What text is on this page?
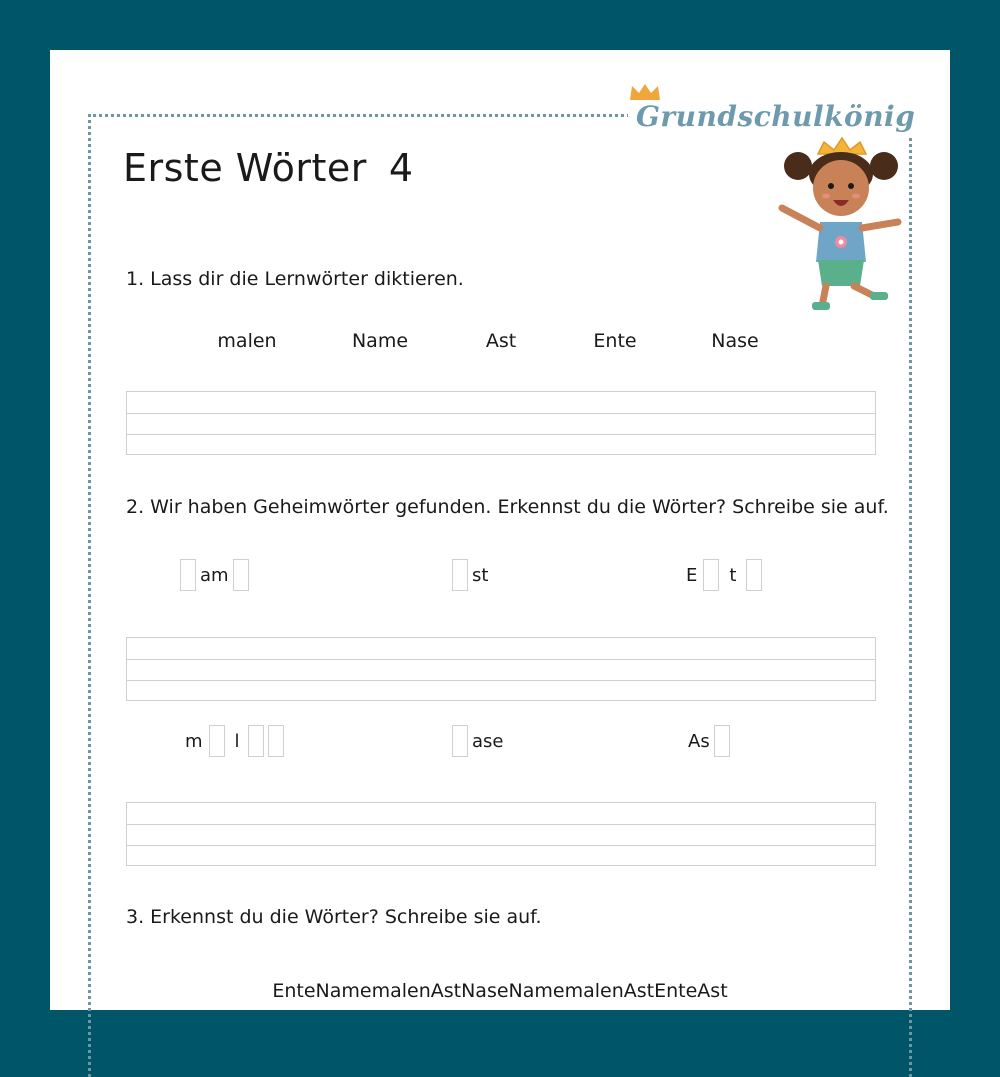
Grundschulkönig
Erste Wörter 4
1. Lass dir die Lernwörter diktieren.
malen	Name	Ast	Ente	Nase
2. Wir haben Geheimwörter gefunden. Erkennst du die Wörter? Schreibe sie auf.
am	st	E t
m l	ase	As
3. Erkennst du die Wörter? Schreibe sie auf.
EnteNamemalenAstNaseNamemalenAstEnteAst
